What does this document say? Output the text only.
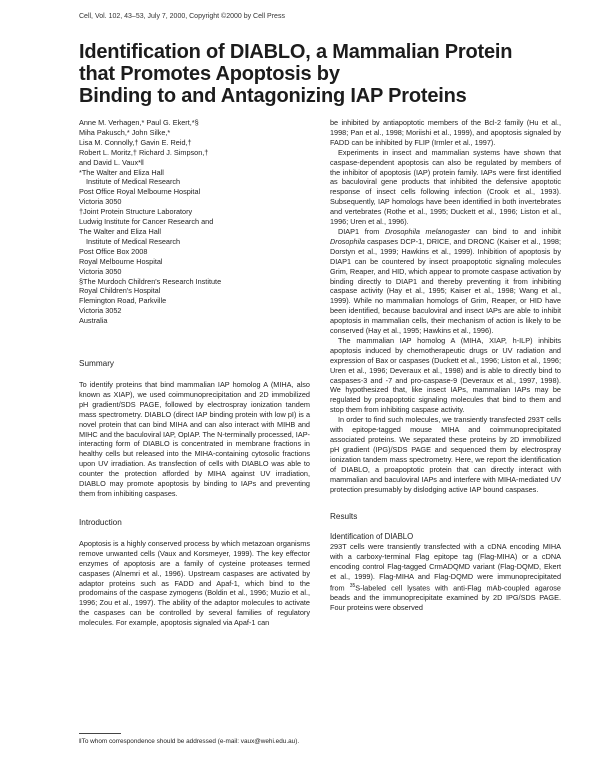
Cell, Vol. 102, 43–53, July 7, 2000, Copyright ©2000 by Cell Press
Identification of DIABLO, a Mammalian Protein
that Promotes Apoptosis by
Binding to and Antagonizing IAP Proteins
Anne M. Verhagen,* Paul G. Ekert,*§
Miha Pakusch,* John Silke,*
Lisa M. Connolly,† Gavin E. Reid,†
Robert L. Moritz,† Richard J. Simpson,†
and David L. Vaux*‖
*The Walter and Eliza Hall
Institute of Medical Research
Post Office Royal Melbourne Hospital
Victoria 3050
†Joint Protein Structure Laboratory
Ludwig Institute for Cancer Research and
The Walter and Eliza Hall
Institute of Medical Research
Post Office Box 2008
Royal Melbourne Hospital
Victoria 3050
§The Murdoch Children's Research Institute
Royal Children's Hospital
Flemington Road, Parkville
Victoria 3052
Australia
Summary
To identify proteins that bind mammalian IAP homolog A (MIHA, also known as XIAP), we used coimmunoprecipitation and 2D immobilized pH gradient/SDS PAGE, followed by electrospray ionization tandem mass spectrometry. DIABLO (direct IAP binding protein with low pI) is a novel protein that can bind MIHA and can also interact with MIHB and MIHC and the baculoviral IAP, OpIAP. The N-terminally processed, IAP-interacting form of DIABLO is concentrated in membrane fractions in healthy cells but released into the MIHA-containing cytosolic fractions upon UV irradiation. As transfection of cells with DIABLO was able to counter the protection afforded by MIHA against UV irradiation, DIABLO may promote apoptosis by binding to IAPs and preventing them from inhibiting caspases.
Introduction
Apoptosis is a highly conserved process by which metazoan organisms remove unwanted cells (Vaux and Korsmeyer, 1999). The key effector enzymes of apoptosis are a family of cysteine proteases termed caspases (Alnemri et al., 1996). Upstream caspases are activated by adaptor proteins such as FADD and Apaf-1, which bind to the prodomains of the caspase zymogens (Boldin et al., 1996; Muzio et al., 1996; Zou et al., 1997). The ability of the adaptor molecules to activate the caspases can be controlled by several families of regulatory molecules. For example, apoptosis signaled via Apaf-1 can
‖To whom correspondence should be addressed (e-mail: vaux@wehi.edu.au).
be inhibited by antiapoptotic members of the Bcl-2 family (Hu et al., 1998; Pan et al., 1998; Moriishi et al., 1999), and apoptosis signaled by FADD can be inhibited by FLIP (Irmler et al., 1997).
Experiments in insect and mammalian systems have shown that caspase-dependent apoptosis can also be regulated by members of the inhibitor of apoptosis (IAP) protein family. IAPs were first identified as baculoviral gene products that inhibited the defensive apoptotic response of insect cells following infection (Crook et al., 1993). Subsequently, IAP homologs have been identified in both invertebrates and vertebrates (Rothe et al., 1995; Duckett et al., 1996; Liston et al., 1996; Uren et al., 1996).
DIAP1 from Drosophila melanogaster can bind to and inhibit Drosophila caspases DCP-1, DRICE, and DRONC (Kaiser et al., 1998; Dorstyn et al., 1999; Hawkins et al., 1999). Inhibition of apoptosis by DIAP1 can be countered by insect proapoptotic signaling molecules Grim, Reaper, and HID, which appear to promote caspase activation by binding directly to DIAP1 and thereby preventing it from inhibiting caspase activity (Hay et al., 1995; Kaiser et al., 1998; Wang et al., 1999). While no mammalian homologs of Grim, Reaper, or HID have been identified, because baculoviral and insect IAPs are able to inhibit apoptosis in mammalian cells, their mechanism of action is likely to be conserved (Hay et al., 1995; Hawkins et al., 1996).
The mammalian IAP homolog A (MIHA, XIAP, h-ILP) inhibits apoptosis induced by chemotherapeutic drugs or UV radiation and expression of Bax or caspases (Duckett et al., 1996; Liston et al., 1996; Uren et al., 1996; Deveraux et al., 1998) and is able to directly bind to caspases-3 and -7 and pro-caspase-9 (Deveraux et al., 1997, 1998). We hypothesized that, like insect IAPs, mammalian IAPs may be regulated by proapoptotic signaling molecules that bind to them and stop them from inhibiting caspase activity.
In order to find such molecules, we transiently transfected 293T cells with epitope-tagged mouse MIHA and coimmunoprecipitated associated proteins. We separated these proteins by 2D immobilized pH gradient (IPG)/SDS PAGE and sequenced them by electrospray ionization tandem mass spectrometry. Here, we report the identification of DIABLO, a proapoptotic protein that can directly interact with mammalian and baculoviral IAPs and interfere with MIHA-mediated UV protection presumably by dislodging active IAP bound caspases.
Results
Identification of DIABLO
293T cells were transiently transfected with a cDNA encoding MIHA with a carboxy-terminal Flag epitope tag (Flag-MIHA) or a cDNA encoding control Flag-tagged CrmADQMD variant (Flag-DQMD, Ekert et al., 1999). Flag-MIHA and Flag-DQMD were immunoprecipitated from $^{35}$S-labeled cell lysates with anti-Flag mAb-coupled agarose beads and the immunoprecipitate examined by 2D IPG/SDS PAGE. Four proteins were observed
